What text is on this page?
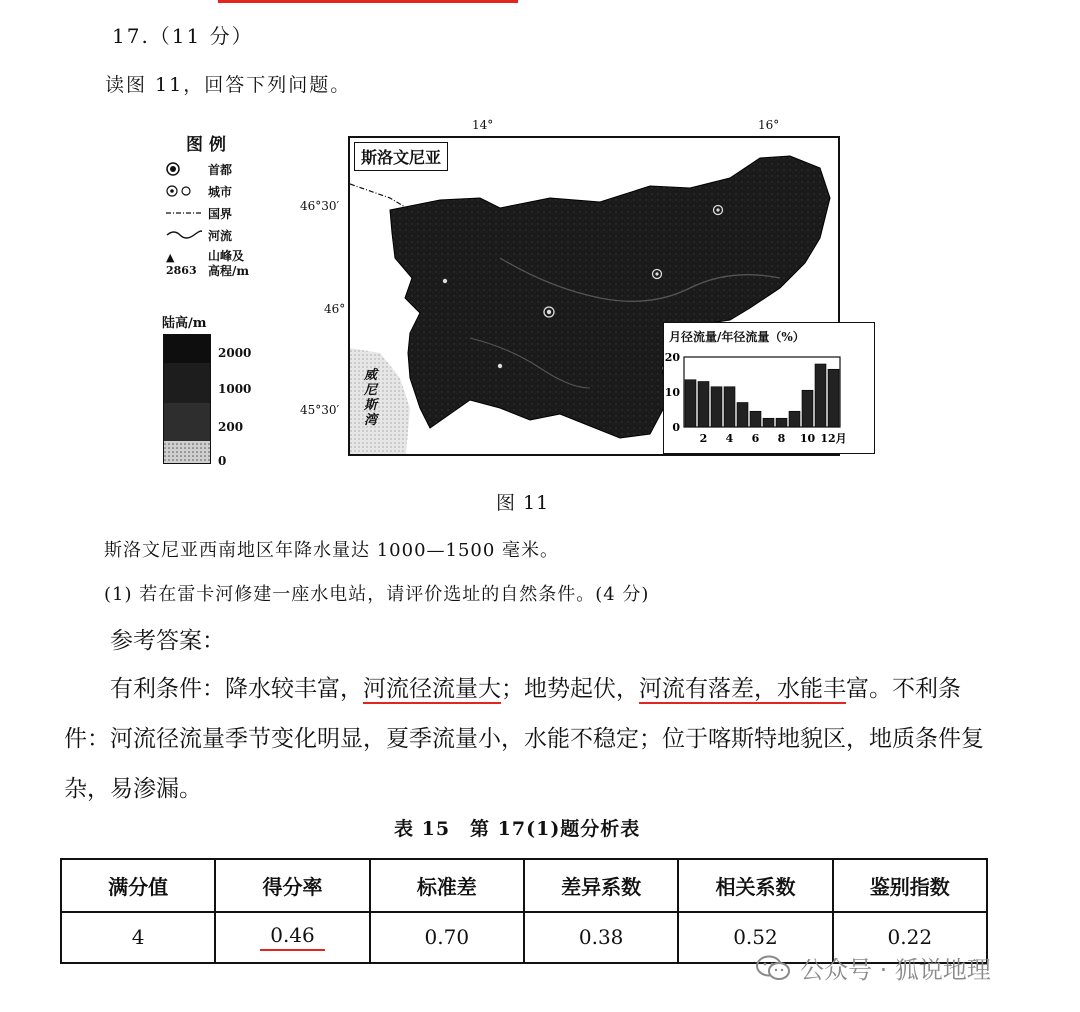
17.（11 分）
读图 11，回答下列问题。
图例
首都
城市
国界
河流
▲ 2863
山峰及高程/m
陆高/m
2000
1000
200
0
14°	16°
46°30′
46°
45°30′
斯洛文尼亚
威尼斯湾
月径流量/年径流量（%）
20
10
0
2 4 6 8 10 12月
图 11
斯洛文尼亚西南地区年降水量达 1000—1500 毫米。
(1) 若在雷卡河修建一座水电站，请评价选址的自然条件。(4 分)
参考答案：
有利条件：降水较丰富，河流径流量大；地势起伏，河流有落差，水能丰富。不利条件：河流径流量季节变化明显，夏季流量小，水能不稳定；位于喀斯特地貌区，地质条件复杂，易渗漏。
表 15　第 17(1)题分析表
满分值	得分率	标准差	差异系数	相关系数	鉴别指数
4	0.46	0.70	0.38	0.52	0.22
公众号 · 狐说地理
